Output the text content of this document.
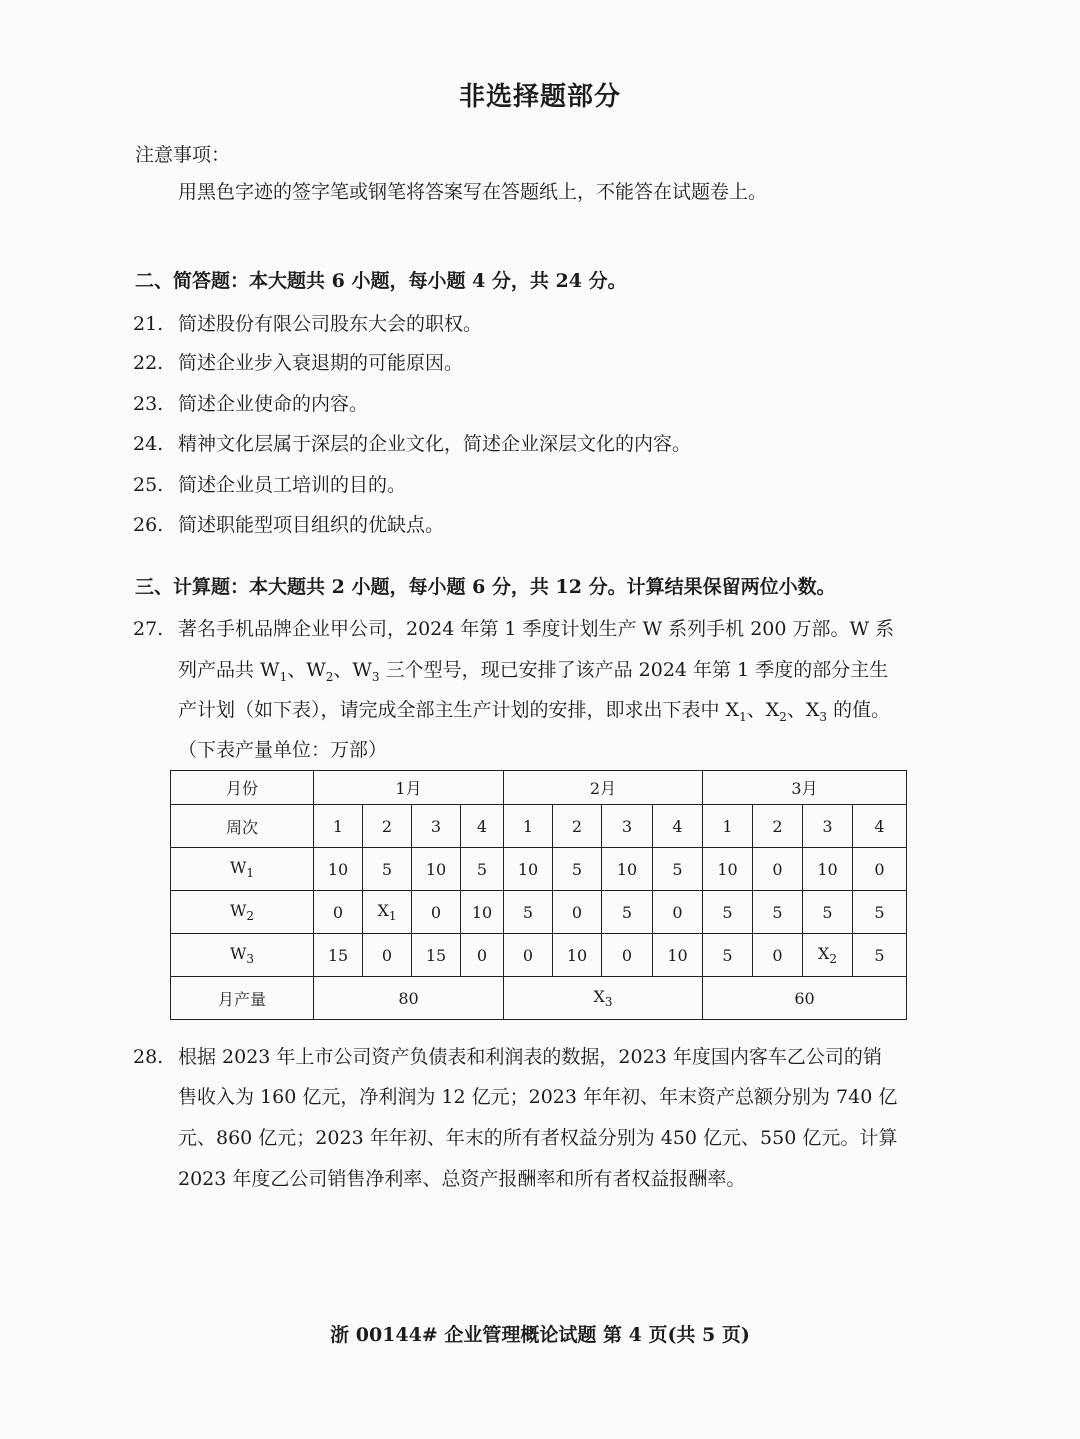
非选择题部分
注意事项：
用黑色字迹的签字笔或钢笔将答案写在答题纸上，不能答在试题卷上。
二、简答题：本大题共 6 小题，每小题 4 分，共 24 分。
21. 简述股份有限公司股东大会的职权。
22. 简述企业步入衰退期的可能原因。
23. 简述企业使命的内容。
24. 精神文化层属于深层的企业文化，简述企业深层文化的内容。
25. 简述企业员工培训的目的。
26. 简述职能型项目组织的优缺点。
三、计算题：本大题共 2 小题，每小题 6 分，共 12 分。计算结果保留两位小数。
27. 著名手机品牌企业甲公司，2024 年第 1 季度计划生产 W 系列手机 200 万部。W 系
列产品共 $W_1$、$W_2$、$W_3$ 三个型号，现已安排了该产品 2024 年第 1 季度的部分主生
产计划（如下表），请完成全部主生产计划的安排，即求出下表中 $X_1$、$X_2$、$X_3$ 的值。
（下表产量单位：万部）
月份	1月				2月				3月			
周次	1	2	3	4	1	2	3	4	1	2	3	4
$W_1$	10	5	10	5	10	5	10	5	10	0	10	0
$W_2$	0	$X_1$	0	10	5	0	5	0	5	5	5	5
$W_3$	15	0	15	0	0	10	0	10	5	0	$X_2$	5
月产量	80				$X_3$				60			
28. 根据 2023 年上市公司资产负债表和利润表的数据，2023 年度国内客车乙公司的销
售收入为 160 亿元，净利润为 12 亿元；2023 年年初、年末资产总额分别为 740 亿
元、860 亿元；2023 年年初、年末的所有者权益分别为 450 亿元、550 亿元。计算
2023 年度乙公司销售净利率、总资产报酬率和所有者权益报酬率。
浙 00144# 企业管理概论试题 第 4 页(共 5 页)
